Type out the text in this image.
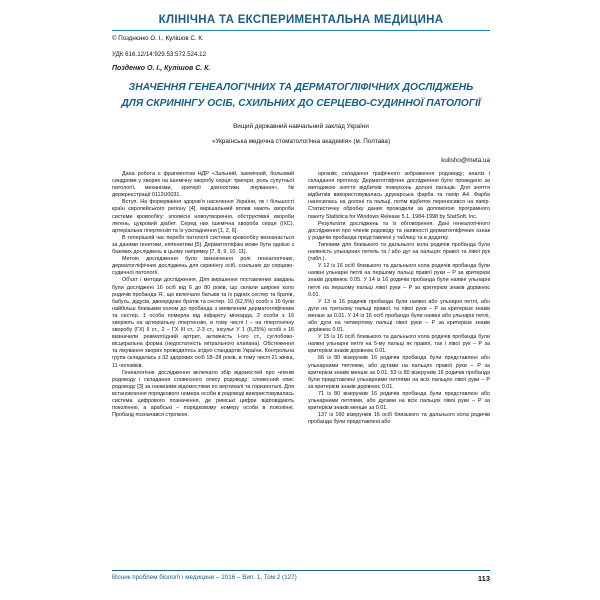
КЛІНІЧНА ТА ЕКСПЕРИМЕНТАЛЬНА МЕДИЦИНА
© Позднєнко О. І., Кулішов С. К.
УДК 616.12/14:929.53:572.524.12
Позденко О. І., Кулішов С. К.
ЗНАЧЕННЯ ГЕНЕАЛОГІЧНИХ ТА ДЕРМАТОГЛІФІЧНИХ ДОСЛІДЖЕНЬ
ДЛЯ СКРИНІНГУ ОСІБ, СХИЛЬНИХ ДО СЕРЦЕВО-СУДИННОЇ ПАТОЛОГІЇ
Вищий державний навчальний заклад України
«Українська медична стоматологічна академія» (м. Полтава)
kulisho@meta.ua

Дана робота є фрагментом НДР «Зальний, ішемічний, больовий синдроми у хворих на ішемічну хворобу серця: тригери, роль супутньої патології, механізми, критерії діагностики, лікування», № держреєстрації 0112U0031.

Вступ. На формування здоров'я населення України, як і більшості країн європейського регіону [4], вирішальний вплив мають хвороби системи кровообігу: злоякісні новоутворення, обструктивні хвороби легень, цукровий діабет. Серед них ішемічна хвороба серця (ІХС), артеріальна гіпертензія та їх ускладнення [1, 2, 6].

В теперішній час перебіг патології системи кровообігу визначається за даними генетики, епігенетики [5]. Дерматогліфіка може бути однією з базових досліджень в цьому напрямку [7, 8, 9, 10, 11].

Метою дослідження було визначення ролі генеалогічних, дерматогліфічних досліджень для скринінгу осіб, схильних до серцево-судинної патології.

Об'єкт і методи дослідження. Для вирішення поставлених завдань були досліджені 16 осіб від 6 до 80 років, що склали широке коло родичів пробанда Я., що включало батьків та їх рідних сестер та братів, бабусь, дідусів, двоюрідних братів та сестер. 10 (62,5%) особі з 16 були найбільш близьким колом до пробанда з виявленим дерматогліфічним та сестер. 1 особа померла від інфаркту міокарда, 2 особи з 16 хворіють на артеріальну гіпертензію, в тому числі І – на гіпертонічну хворобу (ГХ) ІІ ст., 2 – ГХ ІІІ ст., 2-3 ст., інсульт У 1 (6,25%) особі з 16 визначили ревматоїдний артрит, активність І-ого ст., суглобово-вісцеральна форма (недостатність мітрального клапана). Обстеження та лікування хворих проводилось згідно стандартів України. Контрольна група складалась з 32 здорових осіб 18–28 років, в тому числі 21 жінка, 11 чоловіків.

Генеалогічне дослідження включало збір відомостей про членів родоводу і складання словесного опису родоводу; словесний опис родоводу [3] за наявними відомостями по вертикалі та горизонталі. Для встановлення порядкового номера особи в родоводі використовувалась система цифрового позначення, де римські цифри відповідають поколінню, а арабські – порядковому номеру особи в поколінні. Пробанд позначався стрілкою.

органів; складання графічного зображення родоводу; аналіз і складання прогнозу. Дерматогліфічне дослідження було проведено за методикою зняття відбитків поверхонь долоні пальців. Для зняття відбитків використовувалась друкарська фарба та папір А4. Фарба наносилась на долоні та пальці, потім відбиток переносився на папір. Статистичну обробку даних проводили за допомогою програмного пакету Statistica for Windows Release 5.1, 1984-1998 by StatSoft, Inc.

Результати досліджень та їх обговорення. Дані генеалогічного дослідження про членів родоводу та наявності дерматогліфічних ознак у родичів пробанда представлені у таблиці та в додатку.

Типовим для близького та дальнього кола родичів пробанда була наявність ульнарних петель та / або дуг на пальцях правої та лівої рук (табл.).

У 12 із 16 осіб близького та дальнього кола родичів пробанда були наявні ульнарні петлі на першому пальці правої руки – Р за критерієм знаків дорівнює 0.05. У 14 із 16 родичів пробанда були наявні ульнарні петлі на першому пальці лівої руки – Р за критерієм знаків дорівнює 0.01.

У 13 із 16 родичів пробанда були наявні або ульнарні петлі, або дуги на третьому пальці правої, та лівої руки – Р за критерієм знаків менше за 0.01. У 14 із 16 осіб пробанда були наявні або ульнарні петлі, або дуги на четвертому пальці лівої руки – Р за критерієм знаків дорівнює 0.01.

У 15 із 16 осіб близького та дальнього кола родичів пробанда були наявні ульнарні петлі на 5-му пальці як правої, так і лівої рук – Р за критерієм знаків дорівнює 0.01.

66 із 80 візерунків 16 родичів пробанда були представлені або ульнарними петлями, або дугами на пальцях правої руки – Р за критерієм знаків менше за 0.01. 53 із 80 візерунків 16 родичів пробанда були представлені ульнарними петлями на всіх пальцях лівої руки – Р за критерієм знаків дорівнює 0.01.

71 із 80 візерунків 16 родичів пробанда були представлені або ульнарними петлями, або дугами на всіх пальцях лівої руки – Р за критерієм знаків менше за 0.01.

137 із 160 візерунків 16 осіб близького та дальнього кола родичів пробанда були представлені або

Вісник проблем біології і медицини – 2016 – Вип. 1, Том 2 (127)	113
